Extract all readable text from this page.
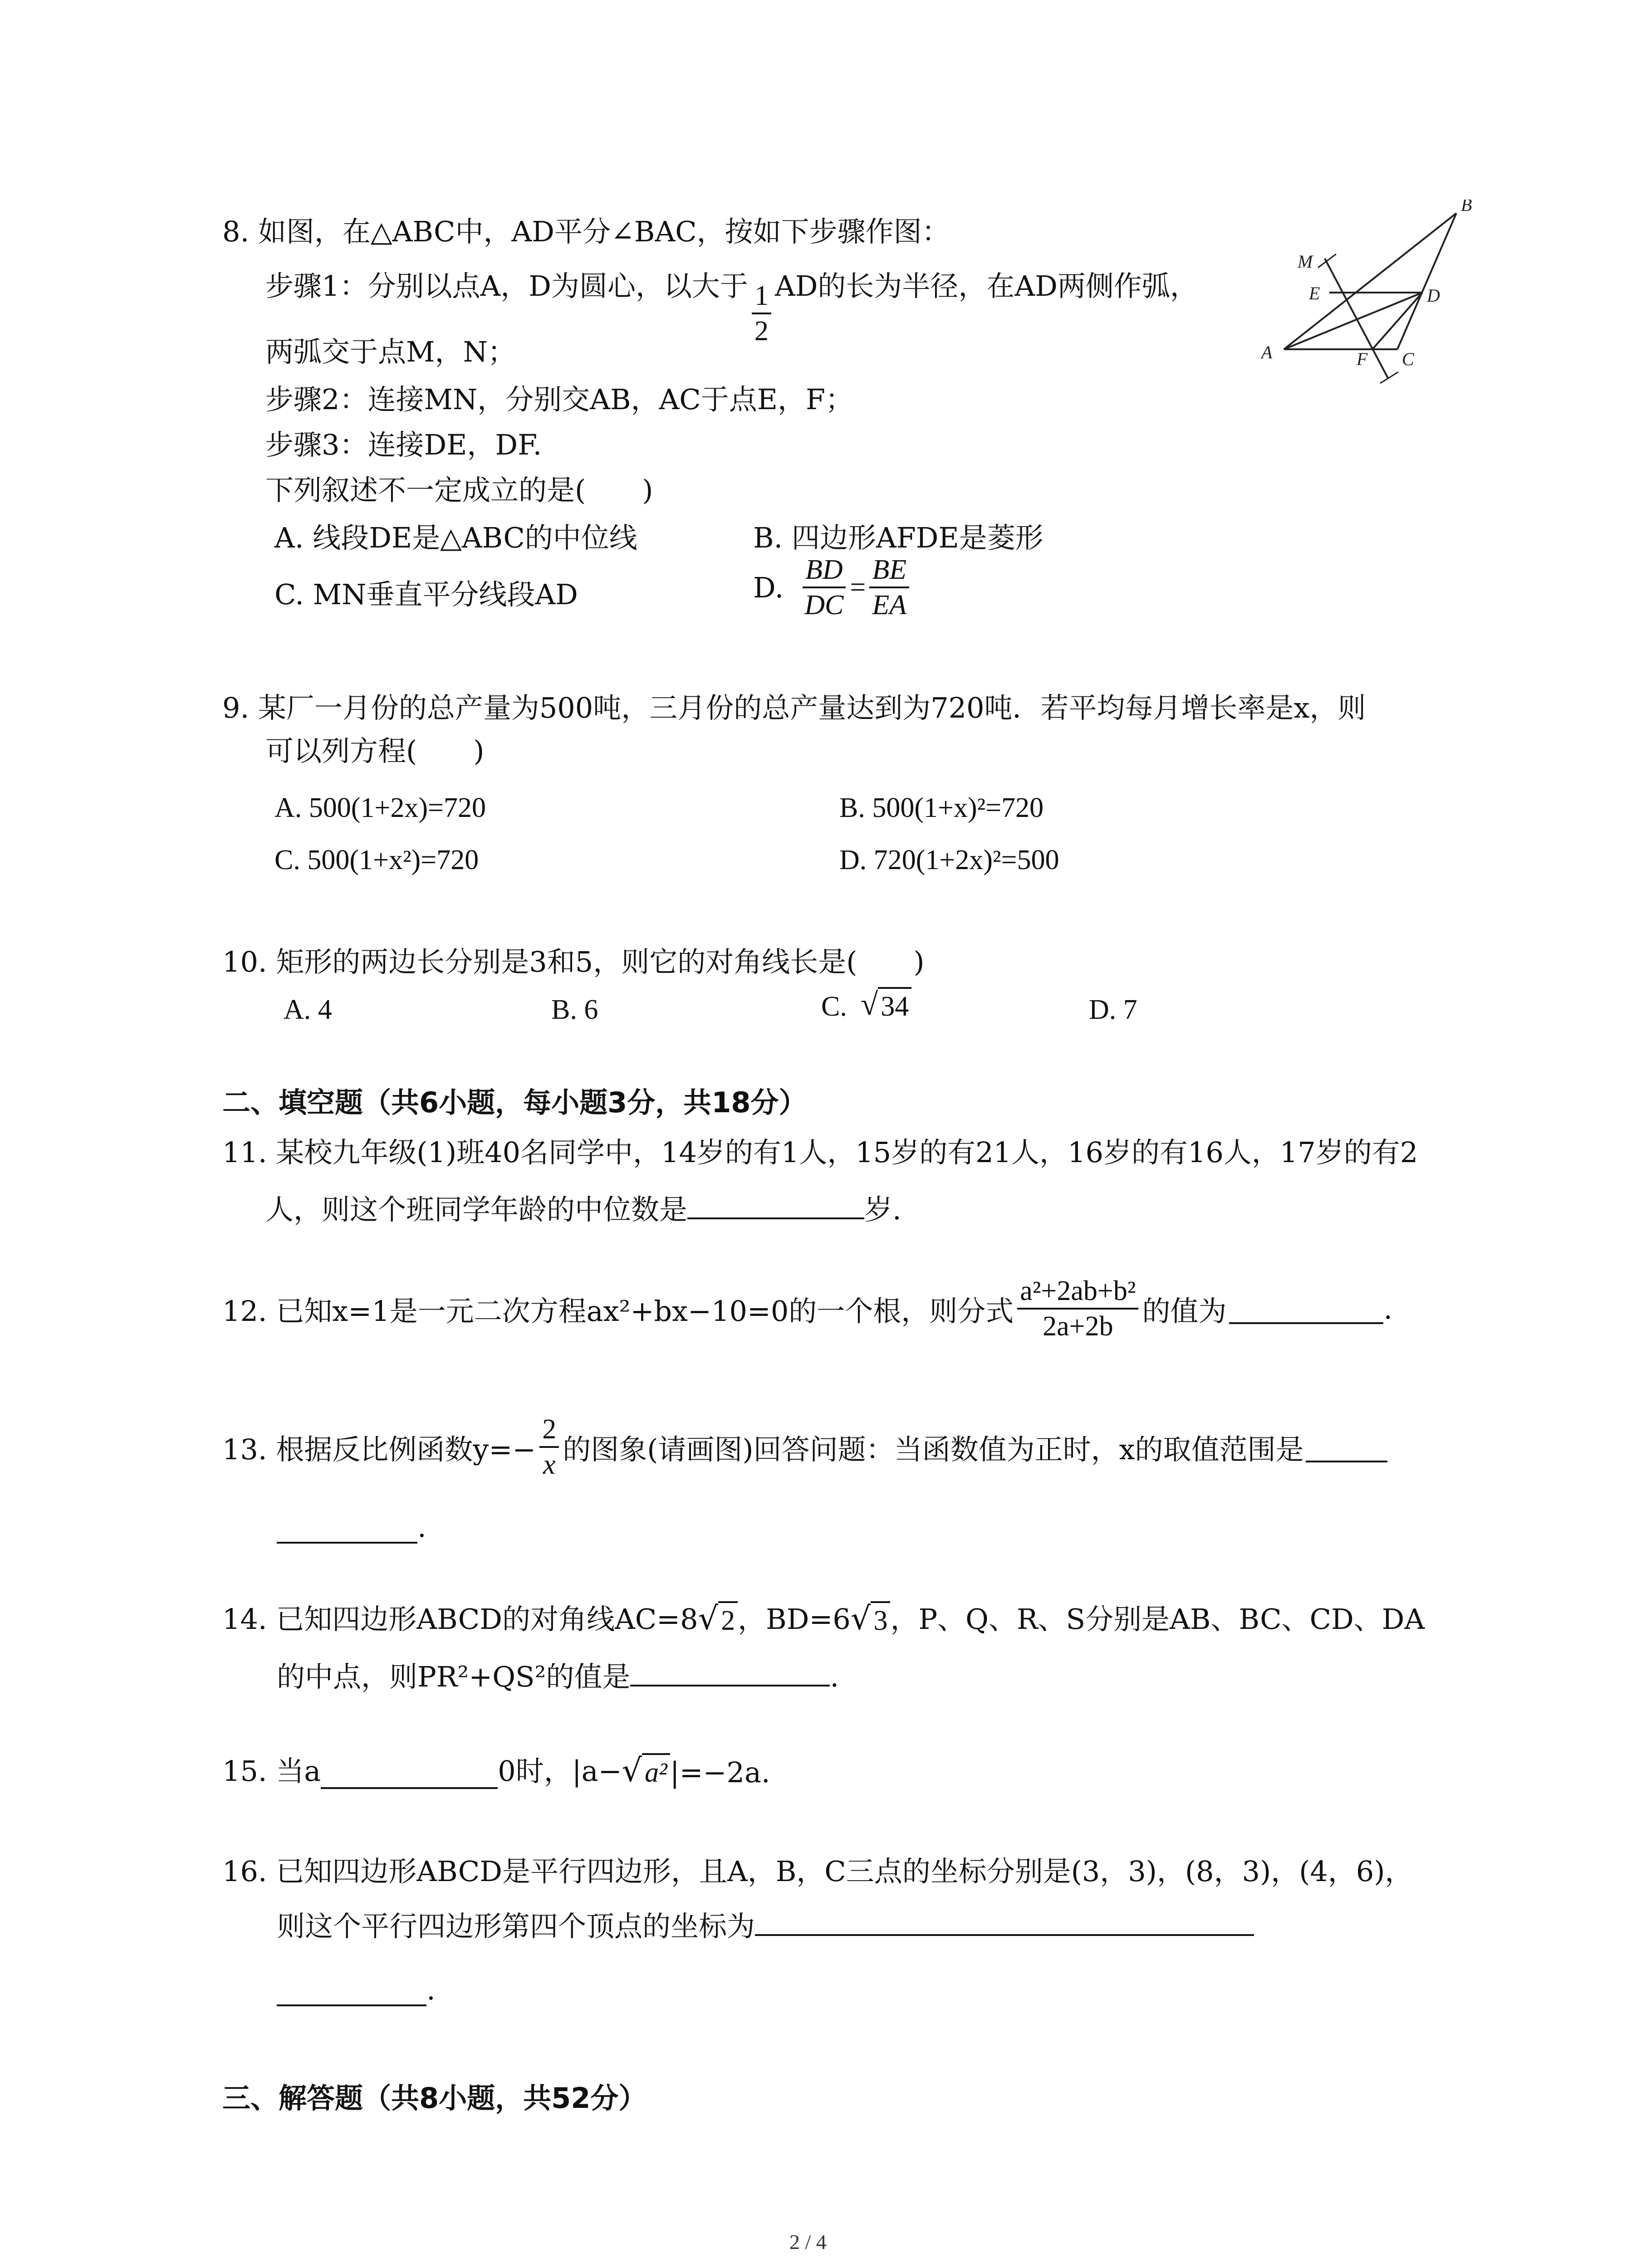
8. 如图，在△ABC中，AD平分∠BAC，按如下步骤作图：
步骤1：分别以点A，D为圆心，以大于 $\frac{1}{2}$ AD的长为半径，在AD两侧作弧，
两弧交于点M，N；
步骤2：连接MN，分别交AB，AC于点E，F；
步骤3：连接DE，DF.
下列叙述不一定成立的是(　　)
A. 线段DE是△ABC的中位线	B. 四边形AFDE是菱形
C. MN垂直平分线段AD	D. $\frac{BD}{DC} = \frac{BE}{EA}$
B
M
E	D
A	F C
9. 某厂一月份的总产量为500吨，三月份的总产量达到为720吨．若平均每月增长率是x，则
可以列方程(　　)
A. 500(1+2x)=720	B. 500(1+x)²=720
C. 500(1+x²)=720	D. 720(1+2x)²=500
10. 矩形的两边长分别是3和5，则它的对角线长是(　　)
A. 4	B. 6	C. √ 34	D. 7
二、填空题（共6小题，每小题3分，共18分）
11. 某校九年级(1)班40名同学中，14岁的有1人，15岁的有21人，16岁的有16人，17岁的有2
人，则这个班同学年龄的中位数是	岁.
12. 已知x=1是一元二次方程ax²+bx−10=0的一个根，则分式 $\frac{\text{a²+2ab+b²}}{2a+2b}$ 的值为	.
13. 根据反比例函数$y=- \frac{2}{x}$ 的图象(请画图)回答问题：当函数值为正时，x的取值范围是
.
14. 已知四边形ABCD的对角线AC=8 √ 2 ，BD=6 √ 3 ，P、Q、R、S分别是AB、BC、CD、DA
的中点，则PR²+QS²的值是	.
15. 当a	0时，|a− √ a² |=−2a.
16. 已知四边形ABCD是平行四边形，且A，B，C三点的坐标分别是(3，3)，(8，3)，(4，6)，
则这个平行四边形第四个顶点的坐标为
.
三、解答题（共8小题，共52分）
2 / 4
